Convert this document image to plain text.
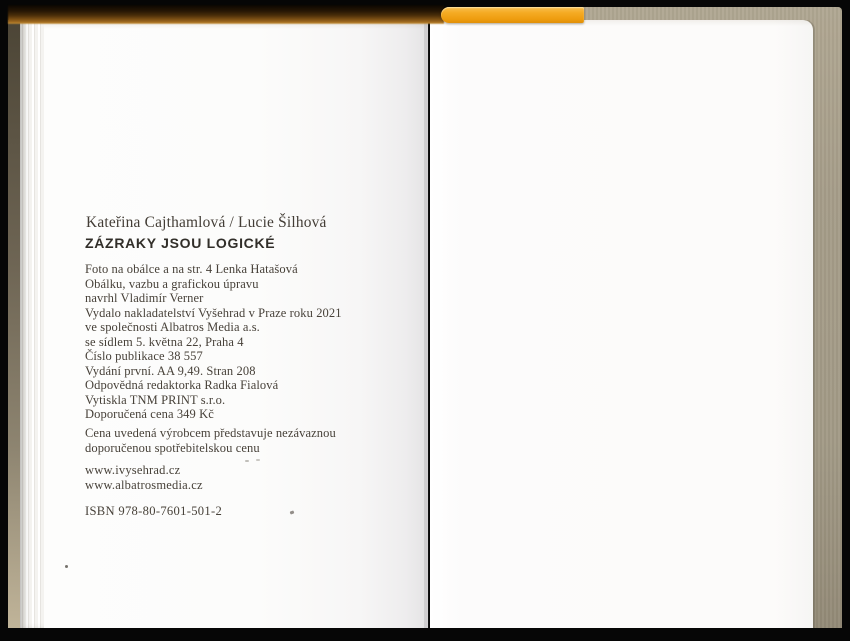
Kateřina Cajthamlová / Lucie Šilhová
ZÁZRAKY JSOU LOGICKÉ
Foto na obálce a na str. 4 Lenka Hatašová
Obálku, vazbu a grafickou úpravu
navrhl Vladimír Verner
Vydalo nakladatelství Vyšehrad v Praze roku 2021
ve společnosti Albatros Media a.s.
se sídlem 5. května 22, Praha 4
Číslo publikace 38 557
Vydání první. AA 9,49. Stran 208
Odpovědná redaktorka Radka Fialová
Vytiskla TNM PRINT s.r.o.
Doporučená cena 349 Kč
Cena uvedená výrobcem představuje nezávaznou
doporučenou spotřebitelskou cenu
www.ivysehrad.cz
www.albatrosmedia.cz
ISBN 978-80-7601-501-2
